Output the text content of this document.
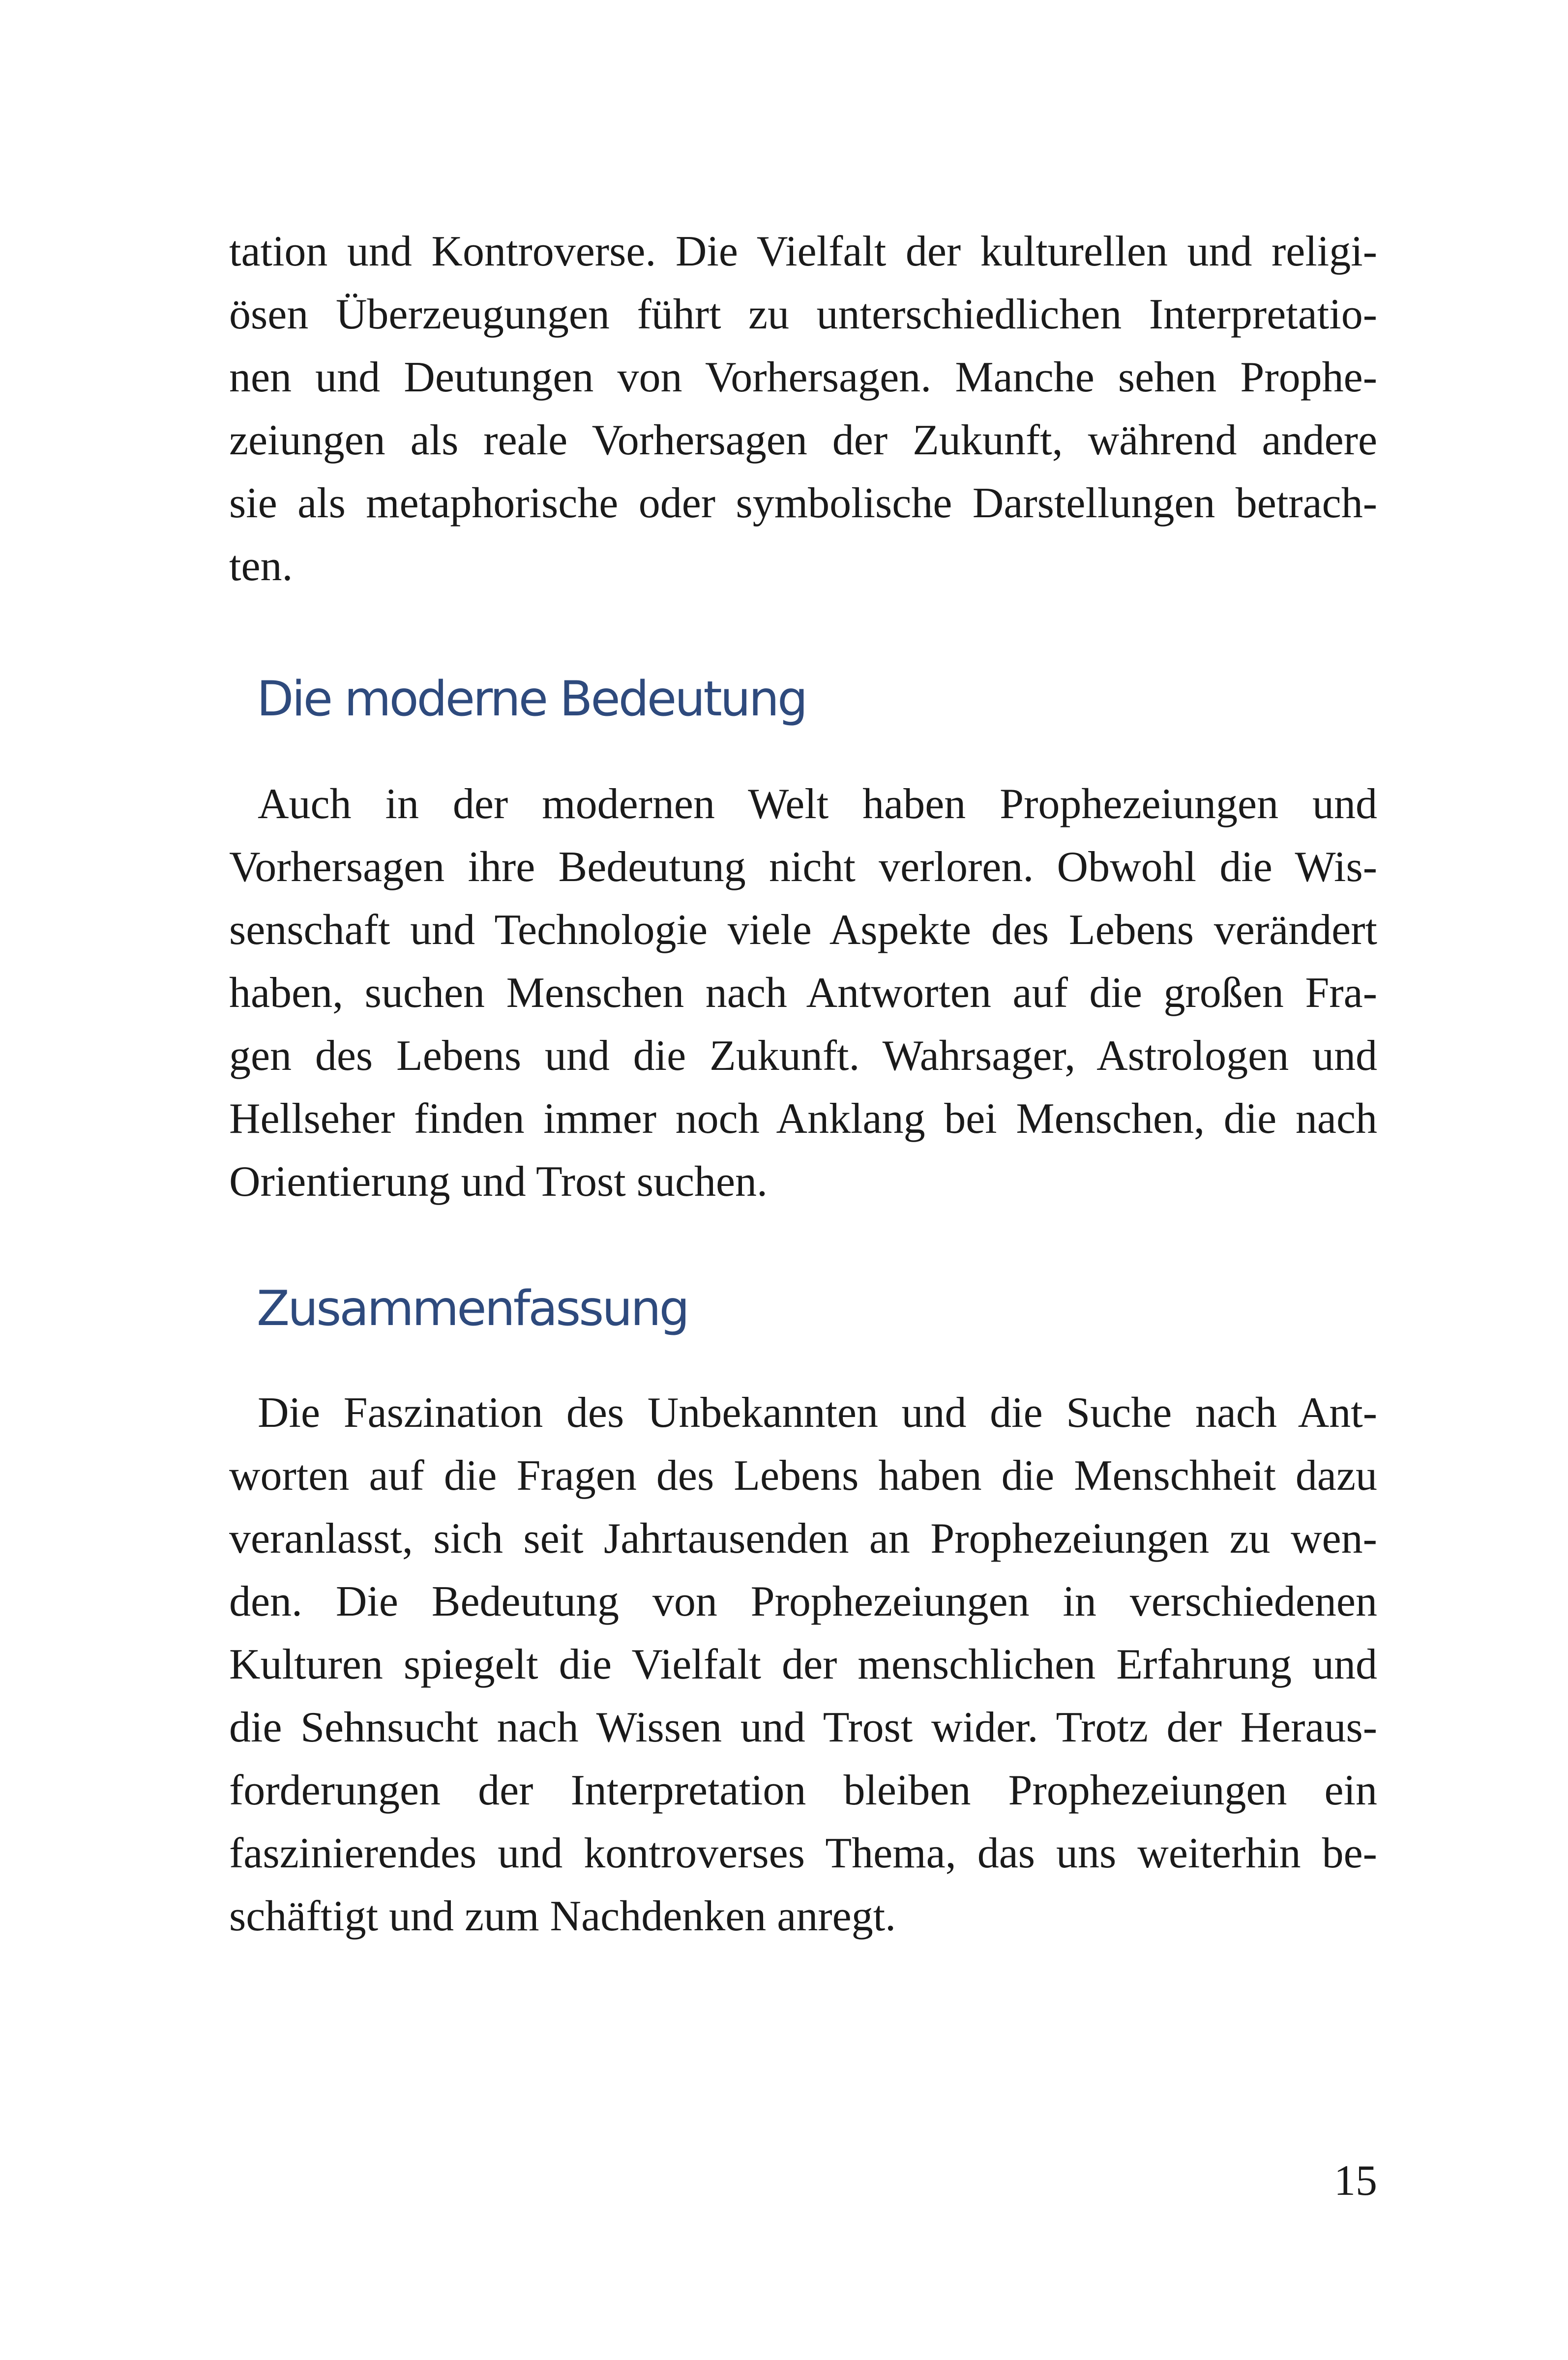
tation und Kontroverse. Die Vielfalt der kulturellen und religi-
ösen Überzeugungen führt zu unterschiedlichen Interpretatio-
nen und Deutungen von Vorhersagen. Manche sehen Prophe-
zeiungen als reale Vorhersagen der Zukunft, während andere
sie als metaphorische oder symbolische Darstellungen betrach-
ten.
Die moderne Bedeutung
Auch in der modernen Welt haben Prophezeiungen und
Vorhersagen ihre Bedeutung nicht verloren. Obwohl die Wis-
senschaft und Technologie viele Aspekte des Lebens verändert
haben, suchen Menschen nach Antworten auf die großen Fra-
gen des Lebens und die Zukunft. Wahrsager, Astrologen und
Hellseher finden immer noch Anklang bei Menschen, die nach
Orientierung und Trost suchen.
Zusammenfassung
Die Faszination des Unbekannten und die Suche nach Ant-
worten auf die Fragen des Lebens haben die Menschheit dazu
veranlasst, sich seit Jahrtausenden an Prophezeiungen zu wen-
den. Die Bedeutung von Prophezeiungen in verschiedenen
Kulturen spiegelt die Vielfalt der menschlichen Erfahrung und
die Sehnsucht nach Wissen und Trost wider. Trotz der Heraus-
forderungen der Interpretation bleiben Prophezeiungen ein
faszinierendes und kontroverses Thema, das uns weiterhin be-
schäftigt und zum Nachdenken anregt.
15
